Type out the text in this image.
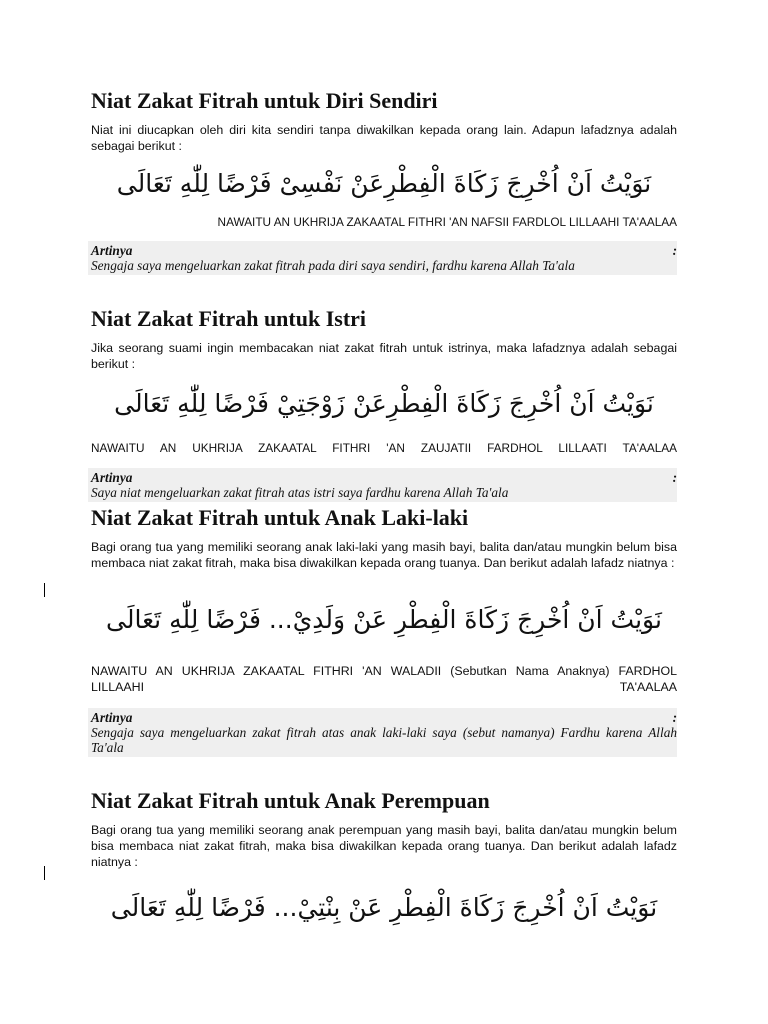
Niat Zakat Fitrah untuk Diri Sendiri
Niat ini diucapkan oleh diri kita sendiri tanpa diwakilkan kepada orang lain. Adapun lafadznya adalah sebagai berikut :
نَوَيْتُ اَنْ اُخْرِجَ زَكَاةَ الْفِطْرِعَنْ نَفْسِىْ فَرْضًا لِلّٰهِ تَعَالَى
NAWAITU AN UKHRIJA ZAKAATAL FITHRI 'AN NAFSII FARDLOL LILLAAHI TA'AALAA
Artinya	:
Sengaja saya mengeluarkan zakat fitrah pada diri saya sendiri, fardhu karena Allah Ta'ala
Niat Zakat Fitrah untuk Istri
Jika seorang suami ingin membacakan niat zakat fitrah untuk istrinya, maka lafadznya adalah sebagai berikut :
نَوَيْتُ اَنْ اُخْرِجَ زَكَاةَ الْفِطْرِعَنْ زَوْجَتِيْ فَرْضًا لِلّٰهِ تَعَالَى
NAWAITU AN UKHRIJA ZAKAATAL FITHRI 'AN ZAUJATII FARDHOL LILLAATI TA'AALAA
Artinya	:
Saya niat mengeluarkan zakat fitrah atas istri saya fardhu karena Allah Ta'ala
Niat Zakat Fitrah untuk Anak Laki-laki
Bagi orang tua yang memiliki seorang anak laki-laki yang masih bayi, balita dan/atau mungkin belum bisa membaca niat zakat fitrah, maka bisa diwakilkan kepada orang tuanya. Dan berikut adalah lafadz niatnya :
نَوَيْتُ اَنْ اُخْرِجَ زَكَاةَ الْفِطْرِ عَنْ وَلَدِيْ... فَرْضًا لِلّٰهِ تَعَالَى
NAWAITU AN UKHRIJA ZAKAATAL FITHRI 'AN WALADII (Sebutkan Nama Anaknya) FARDHOL LILLAAHI TA'AALAA
Artinya	:
Sengaja saya mengeluarkan zakat fitrah atas anak laki-laki saya (sebut namanya) Fardhu karena Allah Ta'ala
Niat Zakat Fitrah untuk Anak Perempuan
Bagi orang tua yang memiliki seorang anak perempuan yang masih bayi, balita dan/atau mungkin belum bisa membaca niat zakat fitrah, maka bisa diwakilkan kepada orang tuanya. Dan berikut adalah lafadz niatnya :
نَوَيْتُ اَنْ اُخْرِجَ زَكَاةَ الْفِطْرِ عَنْ بِنْتِيْ... فَرْضًا لِلّٰهِ تَعَالَى
